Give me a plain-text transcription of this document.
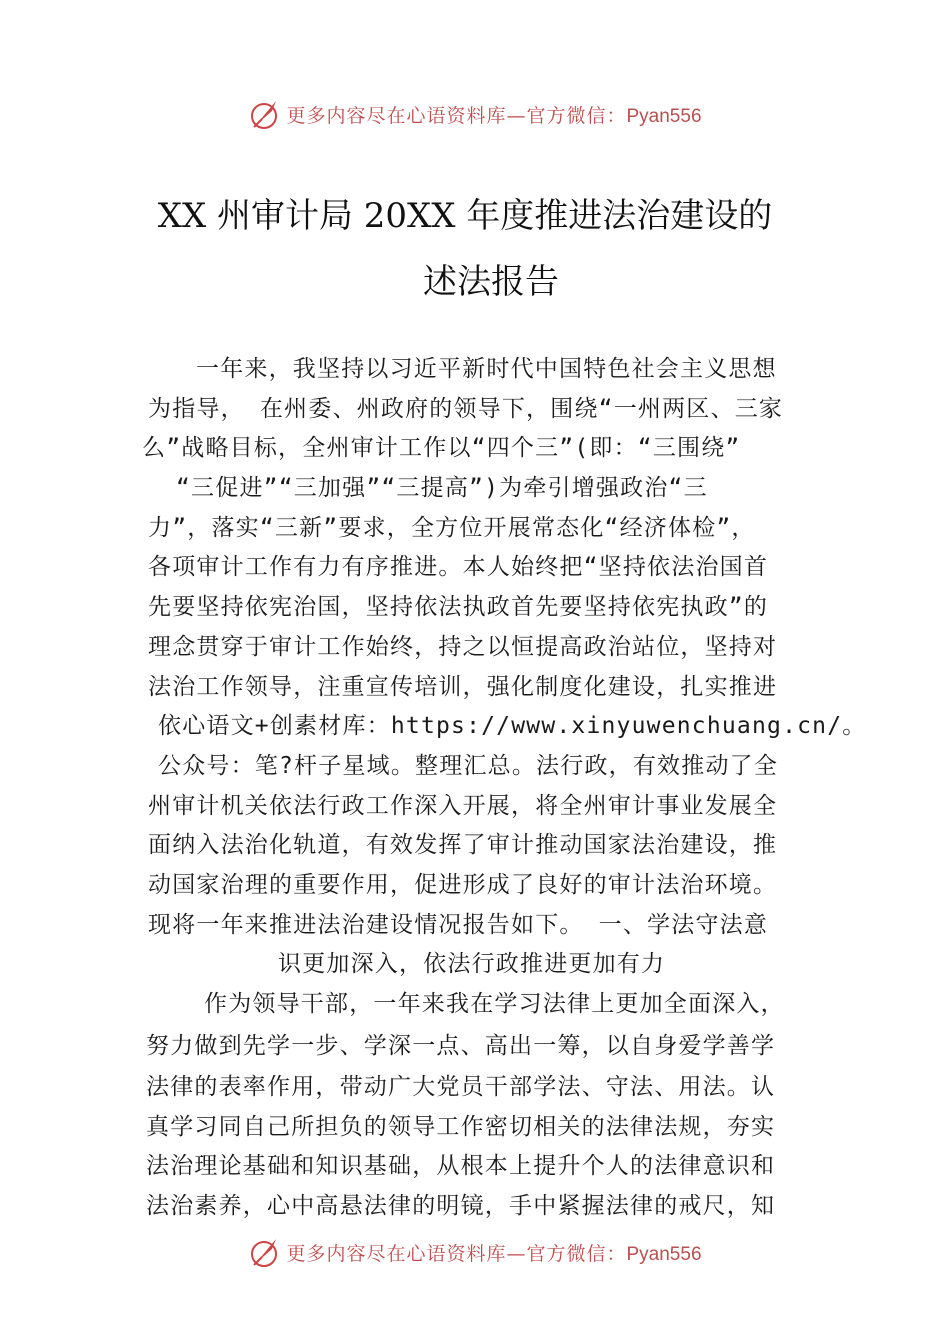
更多内容尽在心语资料库—官方微信：Pyan556
XX 州审计局 20XX 年度推进法治建设的
述法报告
一年来，我坚持以习近平新时代中国特色社会主义思想
为指导， 在州委、州政府的领导下，围绕“一州两区、三家
么”战略目标，全州审计工作以“四个三”(即：“三围绕”
“三促进”“三加强”“三提高”)为牵引增强政治“三
力”，落实“三新”要求，全方位开展常态化“经济体检”，
各项审计工作有力有序推进。本人始终把“坚持依法治国首
先要坚持依宪治国，坚持依法执政首先要坚持依宪执政”的
理念贯穿于审计工作始终，持之以恒提高政治站位，坚持对
法治工作领导，注重宣传培训，强化制度化建设，扎实推进
依心语文+创素材库：https://www.xinyuwenchuang.cn/。
公众号：笔?杆子星域。整理汇总。法行政，有效推动了全
州审计机关依法行政工作深入开展，将全州审计事业发展全
面纳入法治化轨道，有效发挥了审计推动国家法治建设，推
动国家治理的重要作用，促进形成了良好的审计法治环境。
现将一年来推进法治建设情况报告如下。 一、学法守法意
识更加深入，依法行政推进更加有力
作为领导干部，一年来我在学习法律上更加全面深入，
努力做到先学一步、学深一点、高出一筹，以自身爱学善学
法律的表率作用，带动广大党员干部学法、守法、用法。认
真学习同自己所担负的领导工作密切相关的法律法规，夯实
法治理论基础和知识基础，从根本上提升个人的法律意识和
法治素养，心中高悬法律的明镜，手中紧握法律的戒尺，知
更多内容尽在心语资料库—官方微信：Pyan556
